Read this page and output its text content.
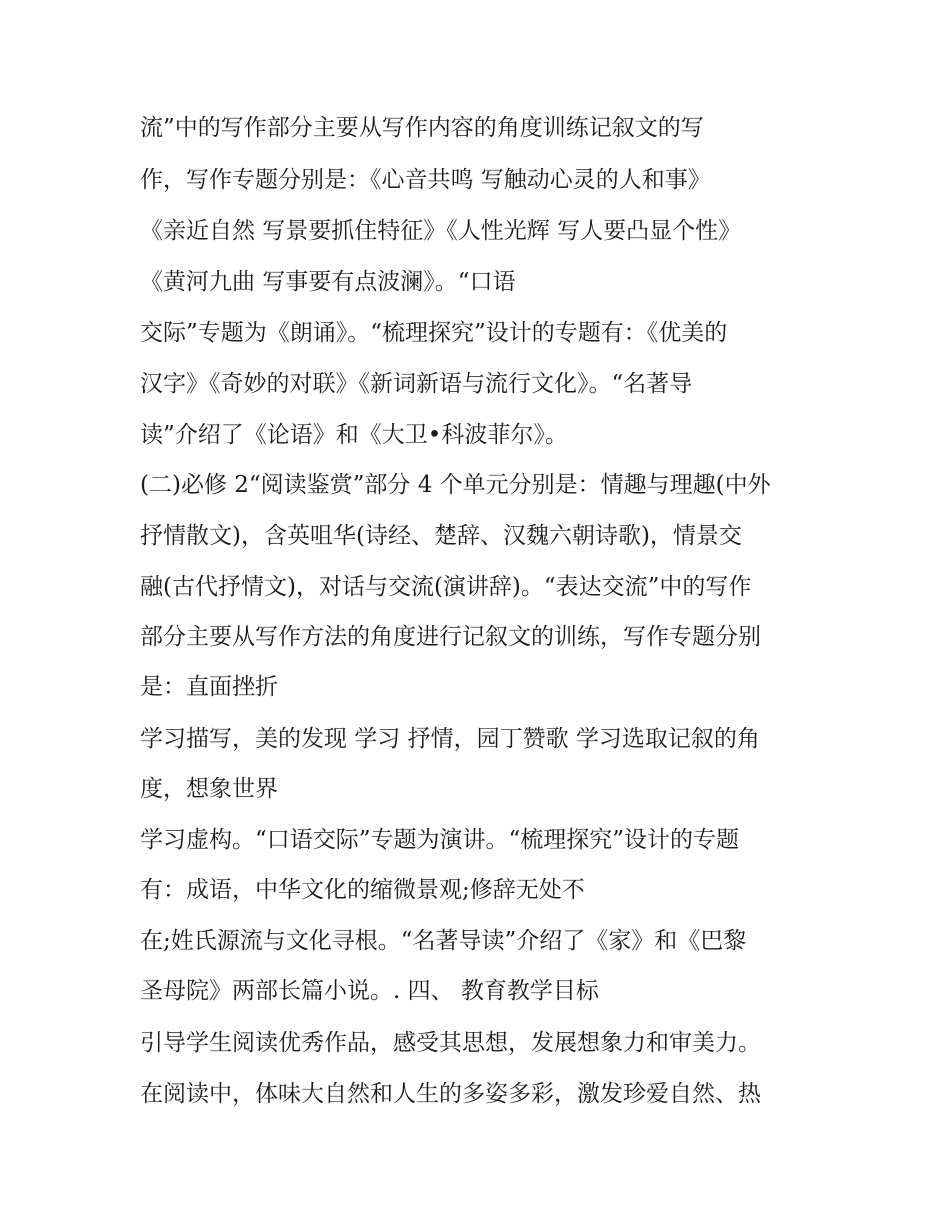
流”中的写作部分主要从写作内容的角度训练记叙文的写
作，写作专题分别是：《心音共鸣 写触动心灵的人和事》
《亲近自然 写景要抓住特征》《人性光辉 写人要凸显个性》
《黄河九曲 写事要有点波澜》。“口语
交际”专题为《朗诵》。“梳理探究”设计的专题有：《优美的
汉字》《奇妙的对联》《新词新语与流行文化》。“名著导
读”介绍了《论语》和《大卫•科波菲尔》。
(二)必修 2“阅读鉴赏”部分 4 个单元分别是：情趣与理趣(中外
抒情散文)，含英咀华(诗经、楚辞、汉魏六朝诗歌)，情景交
融(古代抒情文)，对话与交流(演讲辞)。“表达交流”中的写作
部分主要从写作方法的角度进行记叙文的训练，写作专题分别
是：直面挫折
学习描写，美的发现 学习 抒情，园丁赞歌 学习选取记叙的角
度，想象世界
学习虚构。“口语交际”专题为演讲。“梳理探究”设计的专题
有：成语，中华文化的缩微景观;修辞无处不
在;姓氏源流与文化寻根。“名著导读”介绍了《家》和《巴黎
圣母院》两部长篇小说。. 四、 教育教学目标
引导学生阅读优秀作品，感受其思想，发展想象力和审美力。
在阅读中，体味大自然和人生的多姿多彩，激发珍爱自然、热
